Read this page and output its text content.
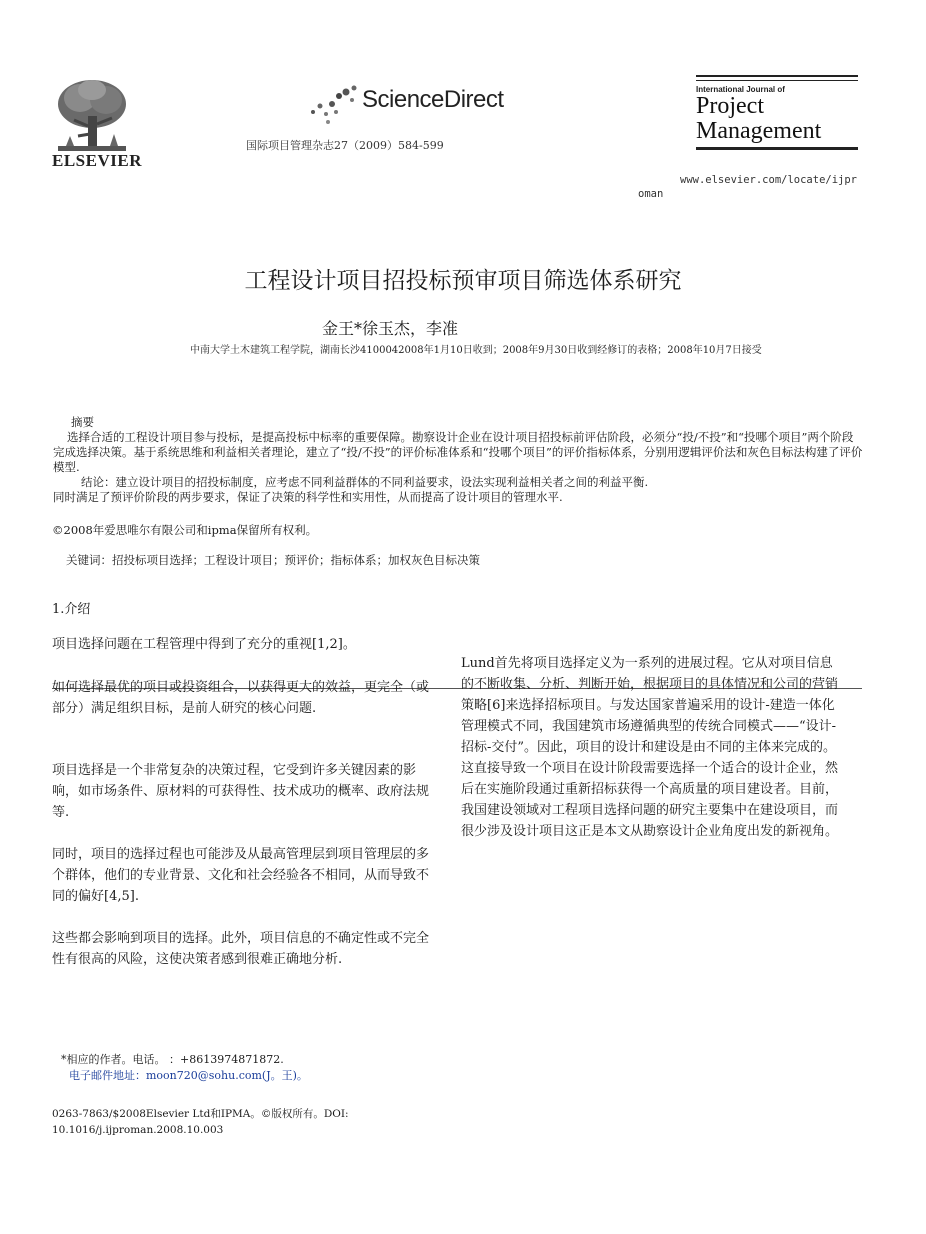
ELSEVIER
ScienceDirect
国际项目管理杂志27（2009）584-599
International Journal of
Project
Management
www.elsevier.com/locate/ijpr
oman
工程设计项目招投标预审项目筛选体系研究
金王*徐玉杰，李准
中南大学土木建筑工程学院，湖南长沙4100042008年1月10日收到；2008年9月30日收到经修订的表格；2008年10月7日接受
摘要

选择合适的工程设计项目参与投标，是提高投标中标率的重要保障。勘察设计企业在设计项目招投标前评估阶段，必须分“投/不投”和“投哪个项目”两个阶段完成选择决策。基于系统思维和利益相关者理论，建立了“投/不投”的评价标准体系和“投哪个项目”的评价指标体系，分别用逻辑评价法和灰色目标法构建了评价模型.

结论：建立设计项目的招投标制度，应考虑不同利益群体的不同利益要求，设法实现利益相关者之间的利益平衡.

同时满足了预评价阶段的两步要求，保证了决策的科学性和实用性，从而提高了设计项目的管理水平.

©2008年爱思唯尔有限公司和ipma保留所有权利。
关键词：招投标项目选择；工程设计项目；预评价；指标体系；加权灰色目标决策
1.介绍
项目选择问题在工程管理中得到了充分的重视[1,2]。
如何选择最优的项目或投资组合，以获得更大的效益，更完全（或部分）满足组织目标，是前人研究的核心问题.
项目选择是一个非常复杂的决策过程，它受到许多关键因素的影响，如市场条件、原材料的可获得性、技术成功的概率、政府法规等.
同时，项目的选择过程也可能涉及从最高管理层到项目管理层的多个群体，他们的专业背景、文化和社会经验各不相同，从而导致不同的偏好[4,5].
这些都会影响到项目的选择。此外，项目信息的不确定性或不完全性有很高的风险，这使决策者感到很难正确地分析.
Lund首先将项目选择定义为一系列的进展过程。它从对项目信息的不断收集、分析、判断开始，根据项目的具体情况和公司的营销策略[6]来选择招标项目。与发达国家普遍采用的设计-建造一体化管理模式不同，我国建筑市场遵循典型的传统合同模式——“设计-招标-交付”。因此，项目的设计和建设是由不同的主体来完成的。这直接导致一个项目在设计阶段需要选择一个适合的设计企业，然后在实施阶段通过重新招标获得一个高质量的项目建设者。目前，我国建设领域对工程项目选择问题的研究主要集中在建设项目，而很少涉及设计项目这正是本文从勘察设计企业角度出发的新视角。
*相应的作者。电话。 ：+8613974871872.
电子邮件地址：moon720@sohu.com(J。王)。
0263-7863/$2008Elsevier Ltd和IPMA。©版权所有。DOI:
10.1016/j.ijproman.2008.10.003
